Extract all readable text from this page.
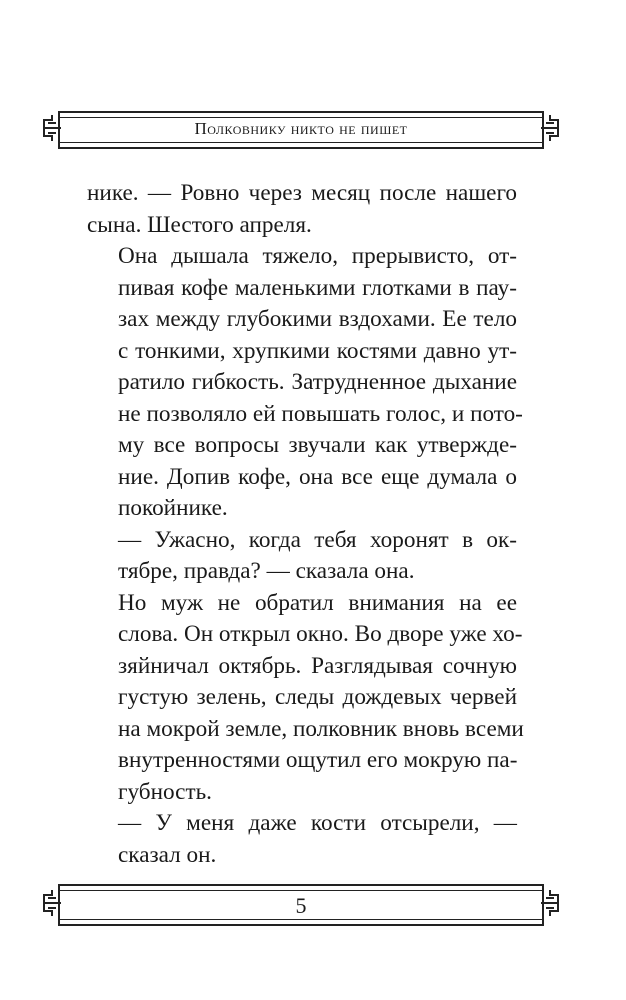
Полковнику никто не пишет

нике. — Ровно через месяц после нашего
сына. Шестого апреля.

Она дышала тяжело, прерывисто, от-
пивая кофе маленькими глотками в пау-
зах между глубокими вздохами. Ее тело
с тонкими, хрупкими костями давно ут-
ратило гибкость. Затрудненное дыхание
не позволяло ей повышать голос, и пото-
му все вопросы звучали как утвержде-
ние. Допив кофе, она все еще думала о
покойнике.

— Ужасно, когда тебя хоронят в ок-
тябре, правда? — сказала она.

Но муж не обратил внимания на ее
слова. Он открыл окно. Во дворе уже хо-
зяйничал октябрь. Разглядывая сочную
густую зелень, следы дождевых червей
на мокрой земле, полковник вновь всеми
внутренностями ощутил его мокрую па-
губность.

— У меня даже кости отсырели, —
сказал он.

5
